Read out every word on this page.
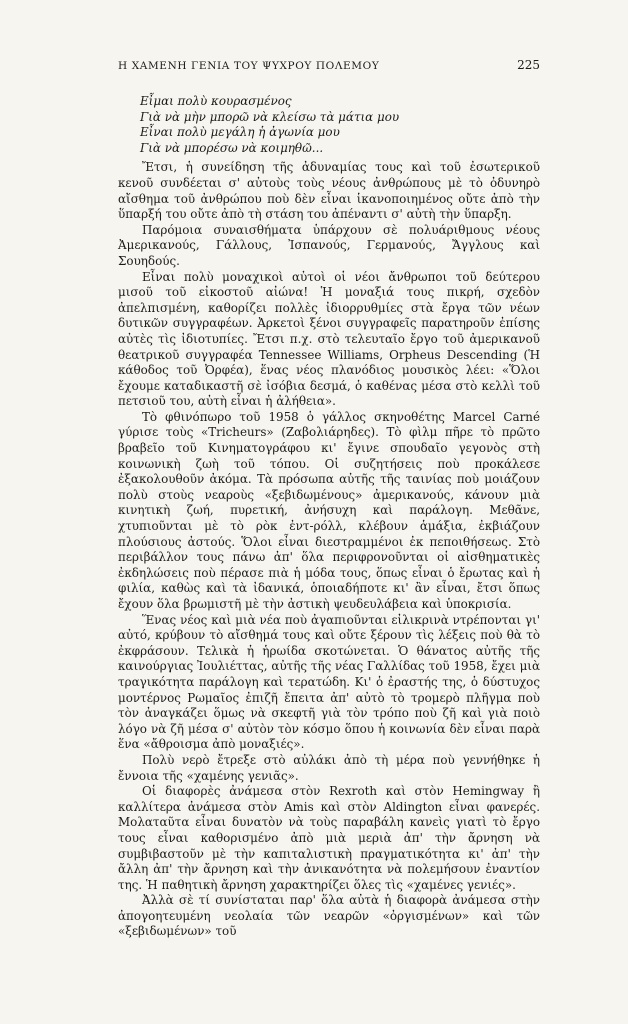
Η ΧΑΜΕΝΗ ΓΕΝΙΑ ΤΟΥ ΨΥΧΡΟΥ ΠΟΛΕΜΟΥ	225
Εἶμαι πολὺ κουρασμένος
Γιὰ νὰ μὴν μπορῶ νὰ κλείσω τὰ μάτια μου
Εἶναι πολὺ μεγάλη ἡ ἀγωνία μου
Γιὰ νὰ μπορέσω νὰ κοιμηθῶ...

Ἔτσι, ἡ συνείδηση τῆς ἀδυναμίας τους καὶ τοῦ ἐσωτερικοῦ κενοῦ συνδέεται σ' αὐτοὺς τοὺς νέους ἀνθρώπους μὲ τὸ ὀδυνηρὸ αἴσθημα τοῦ ἀνθρώπου ποὺ δὲν εἶναι ἱκανοποιημένος οὔτε ἀπὸ τὴν ὕπαρξή του οὔτε ἀπὸ τὴ στάση του ἀπέναντι σ' αὐτὴ τὴν ὕπαρξη.

Παρόμοια συναισθήματα ὑπάρχουν σὲ πολυάριθμους νέους Ἀμερικανούς, Γάλλους, Ἰσπανούς, Γερμανούς, Ἄγγλους καὶ Σουηδούς.

Εἶναι πολὺ μοναχικοὶ αὐτοὶ οἱ νέοι ἄνθρωποι τοῦ δεύτερου μισοῦ τοῦ εἰκοστοῦ αἰώνα! Ἡ μοναξιά τους πικρή, σχεδὸν ἀπελπισμένη, καθορίζει πολλὲς ἰδιορρυθμίες στὰ ἔργα τῶν νέων δυτικῶν συγγραφέων. Ἀρκετοὶ ξένοι συγγραφεῖς παρατηροῦν ἐπίσης αὐτὲς τὶς ἰδιοτυπίες. Ἔτσι π.χ. στὸ τελευταῖο ἔργο τοῦ ἀμερικανοῦ θεατρικοῦ συγγραφέα Tennessee Williams, Orpheus Descending (Ἡ κάθοδος τοῦ Ὀρφέα), ἕνας νέος πλανόδιος μουσικὸς λέει: «Ὅλοι ἔχουμε καταδικαστῆ σὲ ἰσόβια δεσμά, ὁ καθένας μέσα στὸ κελλὶ τοῦ πετσιοῦ του, αὐτὴ εἶναι ἡ ἀλήθεια».

Τὸ φθινόπωρο τοῦ 1958 ὁ γάλλος σκηνοθέτης Marcel Carné γύρισε τοὺς «Tricheurs» (Ζαβολιάρηδες). Τὸ φὶλμ πῆρε τὸ πρῶτο βραβεῖο τοῦ Κινηματογράφου κι' ἔγινε σπουδαῖο γεγονὸς στὴ κοινωνικὴ ζωὴ τοῦ τόπου. Οἱ συζητήσεις ποὺ προκάλεσε ἐξακολουθοῦν ἀκόμα. Τὰ πρόσωπα αὐτῆς τῆς ταινίας ποὺ μοιάζουν πολὺ στοὺς νεαροὺς «ξεβιδωμένους» ἀμερικανούς, κάνουν μιὰ κινητικὴ ζωή, πυρετική, ἀνήσυχη καὶ παράλογη. Μεθᾶνε, χτυπιοῦνται μὲ τὸ ρὸκ ἐντ-ρόλλ, κλέβουν ἁμάξια, ἐκβιάζουν πλούσιους ἀστούς. Ὅλοι εἶναι διεστραμμένοι ἐκ πεποιθήσεως. Στὸ περιβάλλον τους πάνω ἀπ' ὅλα περιφρονοῦνται οἱ αἰσθηματικὲς ἐκδηλώσεις ποὺ πέρασε πιὰ ἡ μόδα τους, ὅπως εἶναι ὁ ἔρωτας καὶ ἡ φιλία, καθὼς καὶ τὰ ἰδανικά, ὁποιαδήποτε κι' ἂν εἶναι, ἔτσι ὅπως ἔχουν ὅλα βρωμιστῆ μὲ τὴν ἀστικὴ ψευδευλάβεια καὶ ὑποκρισία.

Ἕνας νέος καὶ μιὰ νέα ποὺ ἀγαπιοῦνται εἰλικρινὰ ντρέπονται γι' αὐτό, κρύβουν τὸ αἴσθημά τους καὶ οὔτε ξέρουν τὶς λέξεις ποὺ θὰ τὸ ἐκφράσουν. Τελικὰ ἡ ἡρωίδα σκοτώνεται. Ὁ θάνατος αὐτῆς τῆς καινούργιας Ἰουλιέττας, αὐτῆς τῆς νέας Γαλλίδας τοῦ 1958, ἔχει μιὰ τραγικότητα παράλογη καὶ τερατώδη. Κι' ὁ ἐραστής της, ὁ δύστυχος μοντέρνος Ρωμαῖος ἐπιζῆ ἔπειτα ἀπ' αὐτὸ τὸ τρομερὸ πλῆγμα ποὺ τὸν ἀναγκάζει ὅμως νὰ σκεφτῆ γιὰ τὸν τρόπο ποὺ ζῆ καὶ γιὰ ποιὸ λόγο νὰ ζῆ μέσα σ' αὐτὸν τὸν κόσμο ὅπου ἡ κοινωνία δὲν εἶναι παρὰ ἕνα «ἄθροισμα ἀπὸ μοναξιές».

Πολὺ νερὸ ἔτρεξε στὸ αὐλάκι ἀπὸ τὴ μέρα ποὺ γεννήθηκε ἡ ἔννοια τῆς «χαμένης γενιᾶς».

Οἱ διαφορὲς ἀνάμεσα στὸν Rexroth καὶ στὸν Hemingway ἢ καλλίτερα ἀνάμεσα στὸν Amis καὶ στὸν Aldington εἶναι φανερές. Μολαταῦτα εἶναι δυνατὸν νὰ τοὺς παραβάλη κανεὶς γιατὶ τὸ ἔργο τους εἶναι καθορισμένο ἀπὸ μιὰ μεριὰ ἀπ' τὴν ἄρνηση νὰ συμβιβαστοῦν μὲ τὴν καπιταλιστικὴ πραγματικότητα κι' ἀπ' τὴν ἄλλη ἀπ' τὴν ἄρνηση καὶ τὴν ἀνικανότητα νὰ πολεμήσουν ἐναντίον της. Ἡ παθητικὴ ἄρνηση χαρακτηρίζει ὅλες τὶς «χαμένες γενιές».

Ἀλλὰ σὲ τί συνίσταται παρ' ὅλα αὐτὰ ἡ διαφορὰ ἀνάμεσα στὴν ἀπογοητευμένη νεολαία τῶν νεαρῶν «ὀργισμένων» καὶ τῶν «ξεβιδωμένων» τοῦ
